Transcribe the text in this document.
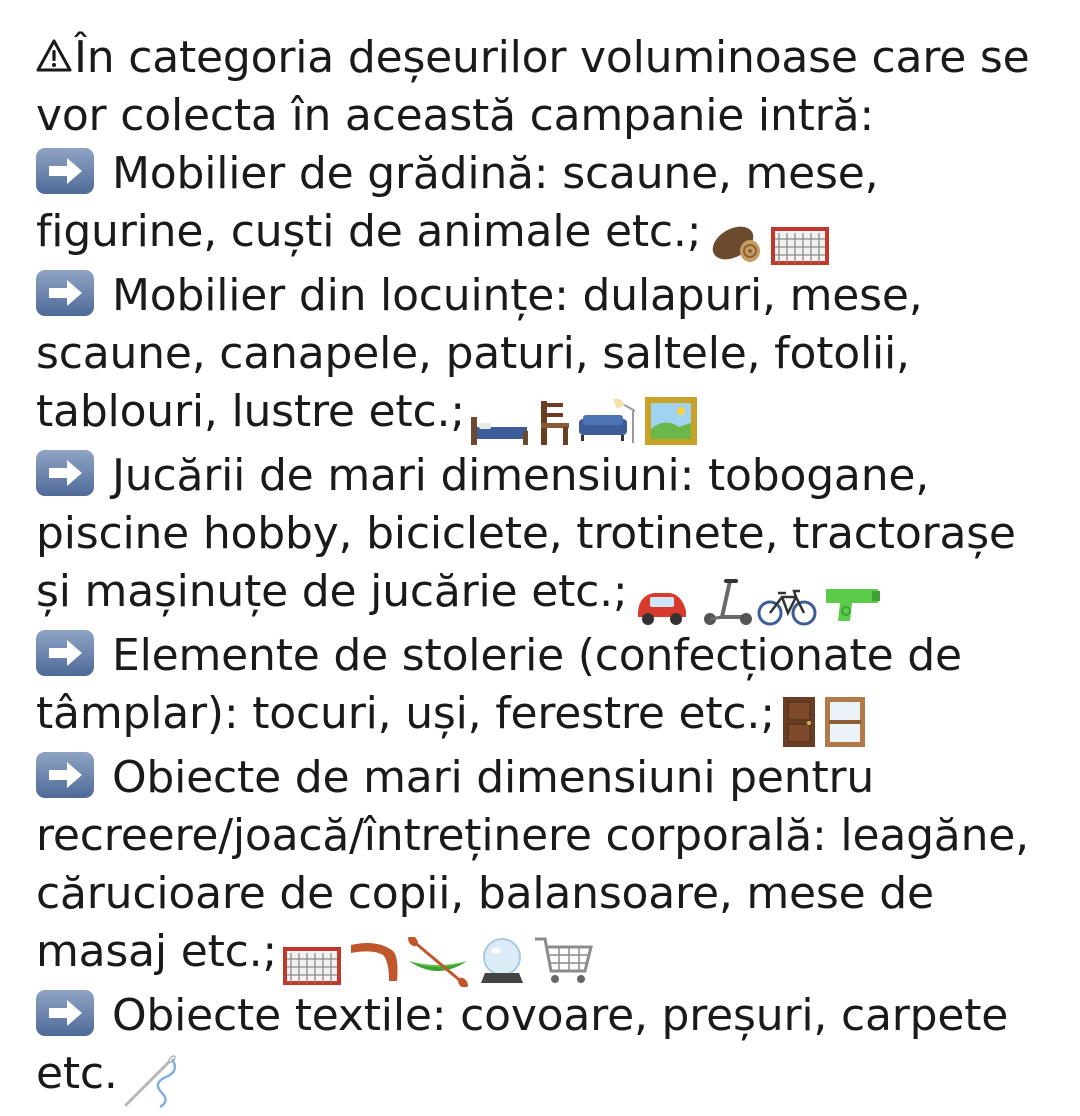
În categoria deșeurilor voluminoase care se vor colecta în această campanie intră:

Mobilier de grădină: scaune, mese, figurine, cuști de animale etc.;

Mobilier din locuințe: dulapuri, mese, scaune, canapele, paturi, saltele, fotolii, tablouri, lustre etc.;

Jucării de mari dimensiuni: tobogane, piscine hobby, biciclete, trotinete, tractorașe și mașinuțe de jucărie etc.;

Elemente de stolerie (confecționate de tâmplar): tocuri, uși, ferestre etc.;

Obiecte de mari dimensiuni pentru recreere/joacă/întreținere corporală: leagăne, cărucioare de copii, balansoare, mese de masaj etc.;

Obiecte textile: covoare, preșuri, carpete etc.
